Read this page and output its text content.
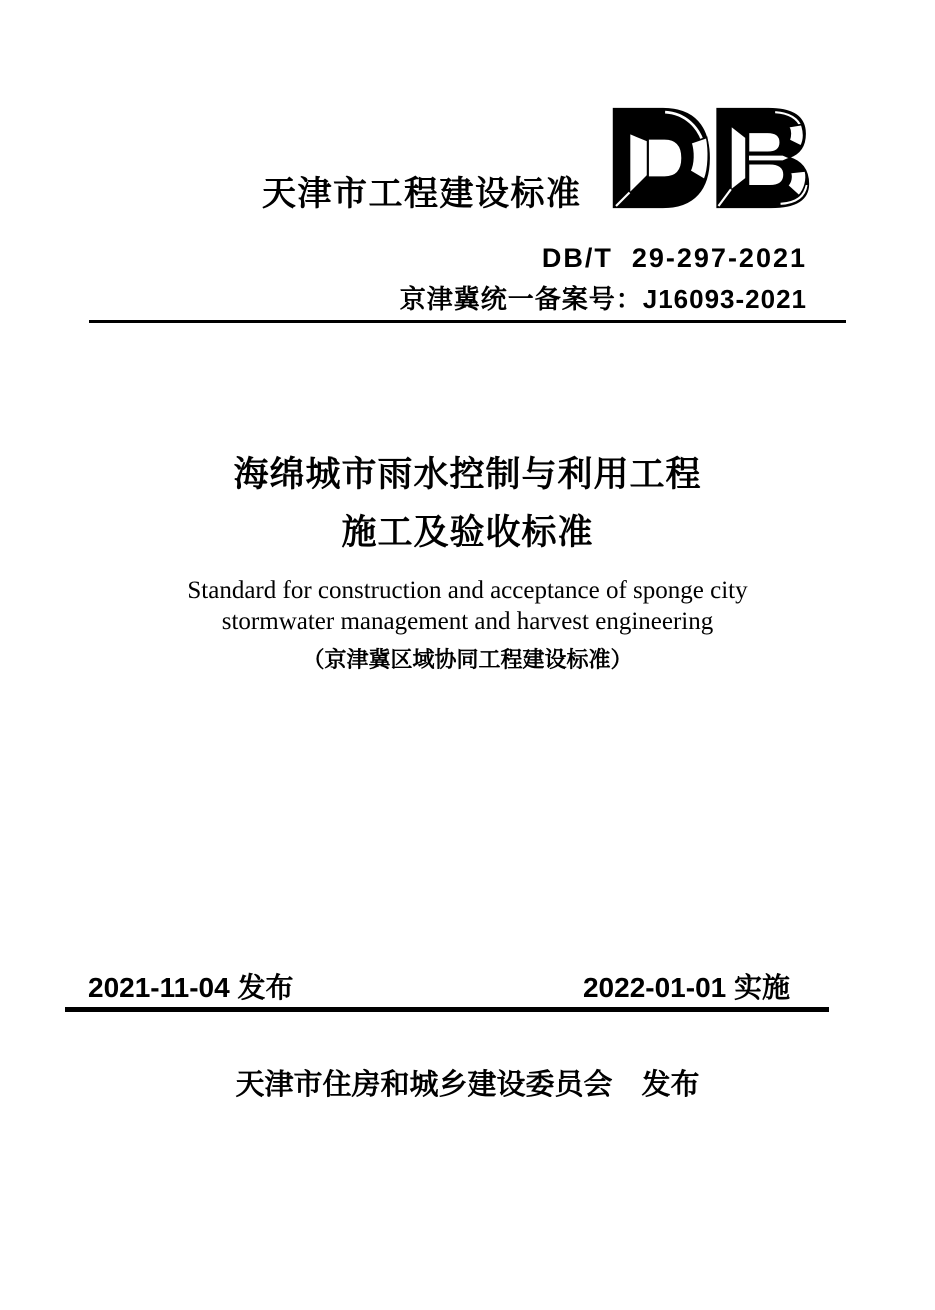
天津市工程建设标准
DB/T  29-297-2021
京津冀统一备案号：J16093-2021
海绵城市雨水控制与利用工程
施工及验收标准
Standard for construction and acceptance of sponge city
stormwater management and harvest engineering
（京津冀区域协同工程建设标准）
2021-11-04 发布	2022-01-01 实施
天津市住房和城乡建设委员会　发布
